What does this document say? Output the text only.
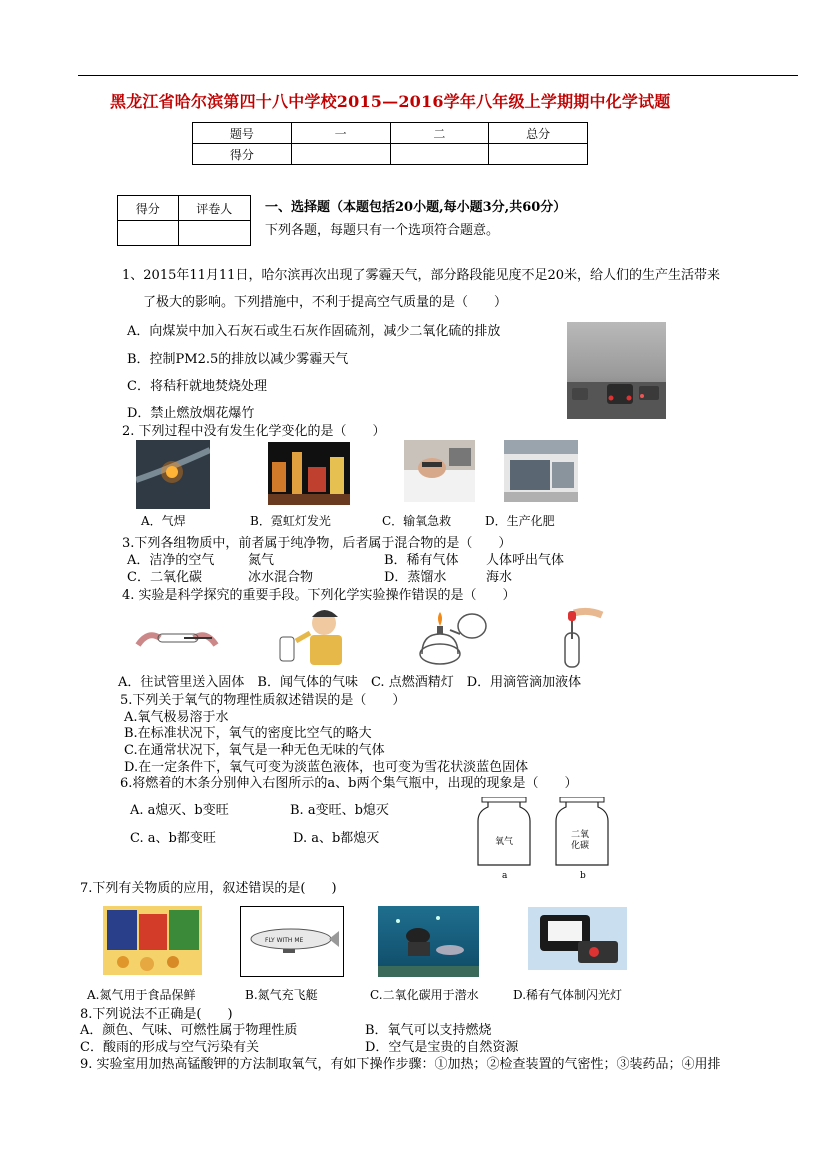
黑龙江省哈尔滨第四十八中学校2015—2016学年八年级上学期期中化学试题
题号	一	二	总分
得分			
得分	评卷人
		一、选择题（本题包括20小题,每小题3分,共60分）
下列各题，每题只有一个选项符合题意。
1、2015年11月11日，哈尔滨再次出现了雾霾天气，部分路段能见度不足20米，给人们的生产生活带来
了极大的影响。下列措施中，不利于提高空气质量的是（　　）
A．向煤炭中加入石灰石或生石灰作固硫剂，减少二氧化硫的排放
B．控制PM2.5的排放以减少雾霾天气
C．将秸秆就地焚烧处理
D．禁止燃放烟花爆竹
2. 下列过程中没有发生化学变化的是（　　）
A．气焊	B．霓虹灯发光	C．输氧急救	D．生产化肥
3.下列各组物质中，前者属于纯净物，后者属于混合物的是（　　）
A．洁净的空气	氮气	B．稀有气体 人体呼出气体
C．二氧化碳	冰水混合物	D．蒸馏水	海水
4. 实验是科学探究的重要手段。下列化学实验操作错误的是（　　）
A．往试管里送入固体　B．闻气体的气味　C. 点燃酒精灯　D．用滴管滴加液体
5.下列关于氧气的物理性质叙述错误的是（　　）
A.氧气极易溶于水
B.在标准状况下，氧气的密度比空气的略大
C.在通常状况下，氧气是一种无色无味的气体
D.在一定条件下，氧气可变为淡蓝色液体，也可变为雪花状淡蓝色固体
6.将燃着的木条分别伸入右图所示的a、b两个集气瓶中，出现的现象是（　　）
A. a熄灭、b变旺	B. a变旺、b熄灭
C. a、b都变旺	D. a、b都熄灭	氧气
二氧
化碳
a	b
7.下列有关物质的应用，叙述错误的是(　　)
FLY WITH ME
A.氮气用于食品保鲜	B.氮气充飞艇	C.二氧化碳用于潜水	D.稀有气体制闪光灯
8.下列说法不正确是(　　)
A．颜色、气味、可燃性属于物理性质	B．氧气可以支持燃烧
C．酸雨的形成与空气污染有关	D．空气是宝贵的自然资源
9. 实验室用加热高锰酸钾的方法制取氧气，有如下操作步骤：①加热；②检查装置的气密性；③装药品；④用排
